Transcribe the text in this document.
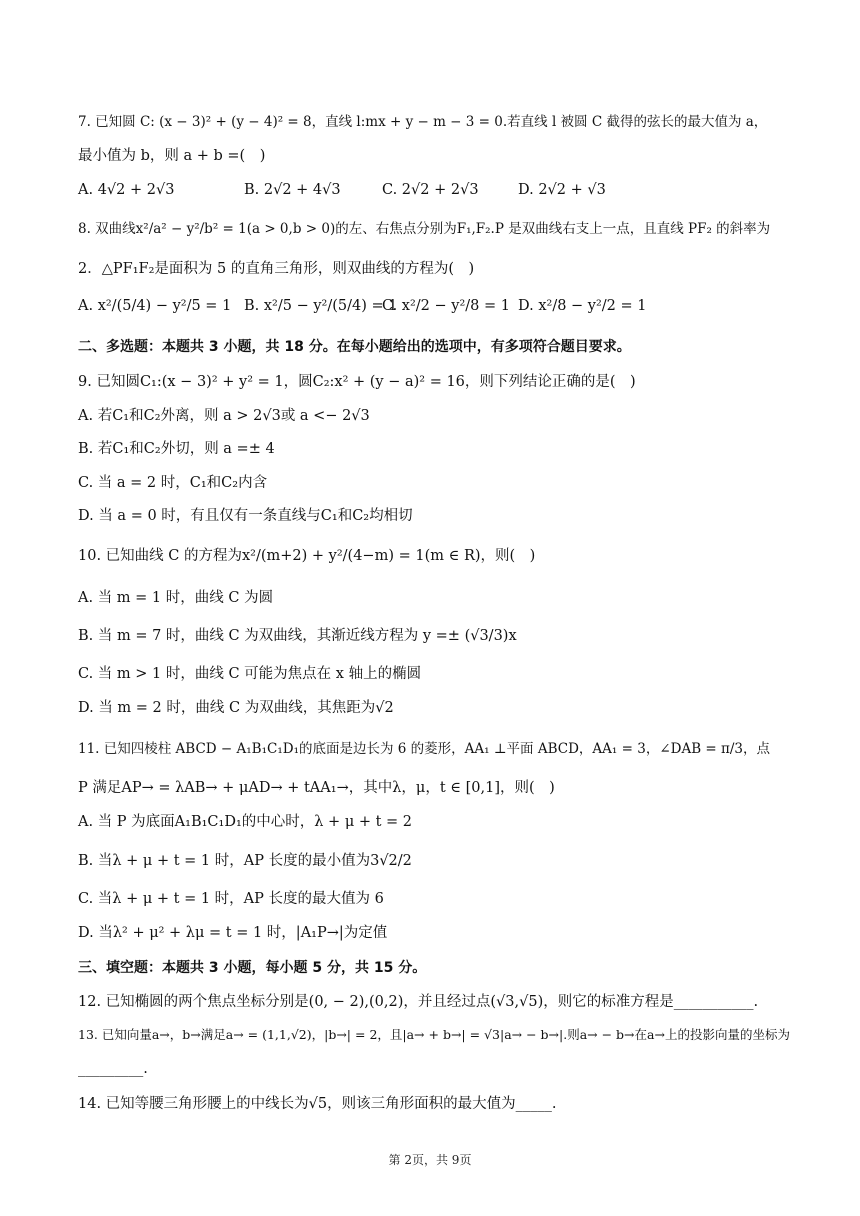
7. 已知圆 C: (x − 3)² + (y − 4)² = 8，直线 l:mx + y − m − 3 = 0.若直线 l 被圆 C 截得的弦长的最大值为 a，
最小值为 b，则 a + b =(　)
A. 4√2 + 2√3	B. 2√2 + 4√3	C. 2√2 + 2√3	D. 2√2 + √3
8. 双曲线x²/a² − y²/b² = 1(a > 0,b > 0)的左、右焦点分别为F₁,F₂.P 是双曲线右支上一点，且直线 PF₂ 的斜率为
2．△PF₁F₂是面积为 5 的直角三角形，则双曲线的方程为(　)
A. x²/(5/4) − y²/5 = 1 B. x²/5 − y²/(5/4) = 1
C. x²/2 − y²/8 = 1 D. x²/8 − y²/2 = 1
二、多选题：本题共 3 小题，共 18 分。在每小题给出的选项中，有多项符合题目要求。
9. 已知圆C₁:(x − 3)² + y² = 1，圆C₂:x² + (y − a)² = 16，则下列结论正确的是(　)
A. 若C₁和C₂外离，则 a > 2√3或 a <− 2√3
B. 若C₁和C₂外切，则 a =± 4
C. 当 a = 2 时，C₁和C₂内含
D. 当 a = 0 时，有且仅有一条直线与C₁和C₂均相切
10. 已知曲线 C 的方程为x²/(m+2) + y²/(4−m) = 1(m ∈ R)，则(　)
A. 当 m = 1 时，曲线 C 为圆
B. 当 m = 7 时，曲线 C 为双曲线，其渐近线方程为 y =± (√3/3)x
C. 当 m > 1 时，曲线 C 可能为焦点在 x 轴上的椭圆
D. 当 m = 2 时，曲线 C 为双曲线，其焦距为√2
11. 已知四棱柱 ABCD − A₁B₁C₁D₁的底面是边长为 6 的菱形，AA₁ ⊥平面 ABCD，AA₁ = 3，∠DAB = π/3，点
P 满足AP→ = λAB→ + μAD→ + tAA₁→，其中λ，μ，t ∈ [0,1]，则(　)
A. 当 P 为底面A₁B₁C₁D₁的中心时，λ + μ + t = 2
B. 当λ + μ + t = 1 时，AP 长度的最小值为3√2/2
C. 当λ + μ + t = 1 时，AP 长度的最大值为 6
D. 当λ² + μ² + λμ = t = 1 时，|A₁P→|为定值
三、填空题：本题共 3 小题，每小题 5 分，共 15 分。
12. 已知椭圆的两个焦点坐标分别是(0, − 2),(0,2)，并且经过点(√3,√5)，则它的标准方程是___________.
13. 已知向量a→，b→满足a→ = (1,1,√2)，|b→| = 2，且|a→ + b→| = √3|a→ − b→|.则a→ − b→在a→上的投影向量的坐标为
_________.
14. 已知等腰三角形腰上的中线长为√5，则该三角形面积的最大值为_____.
第 2页，共 9页
